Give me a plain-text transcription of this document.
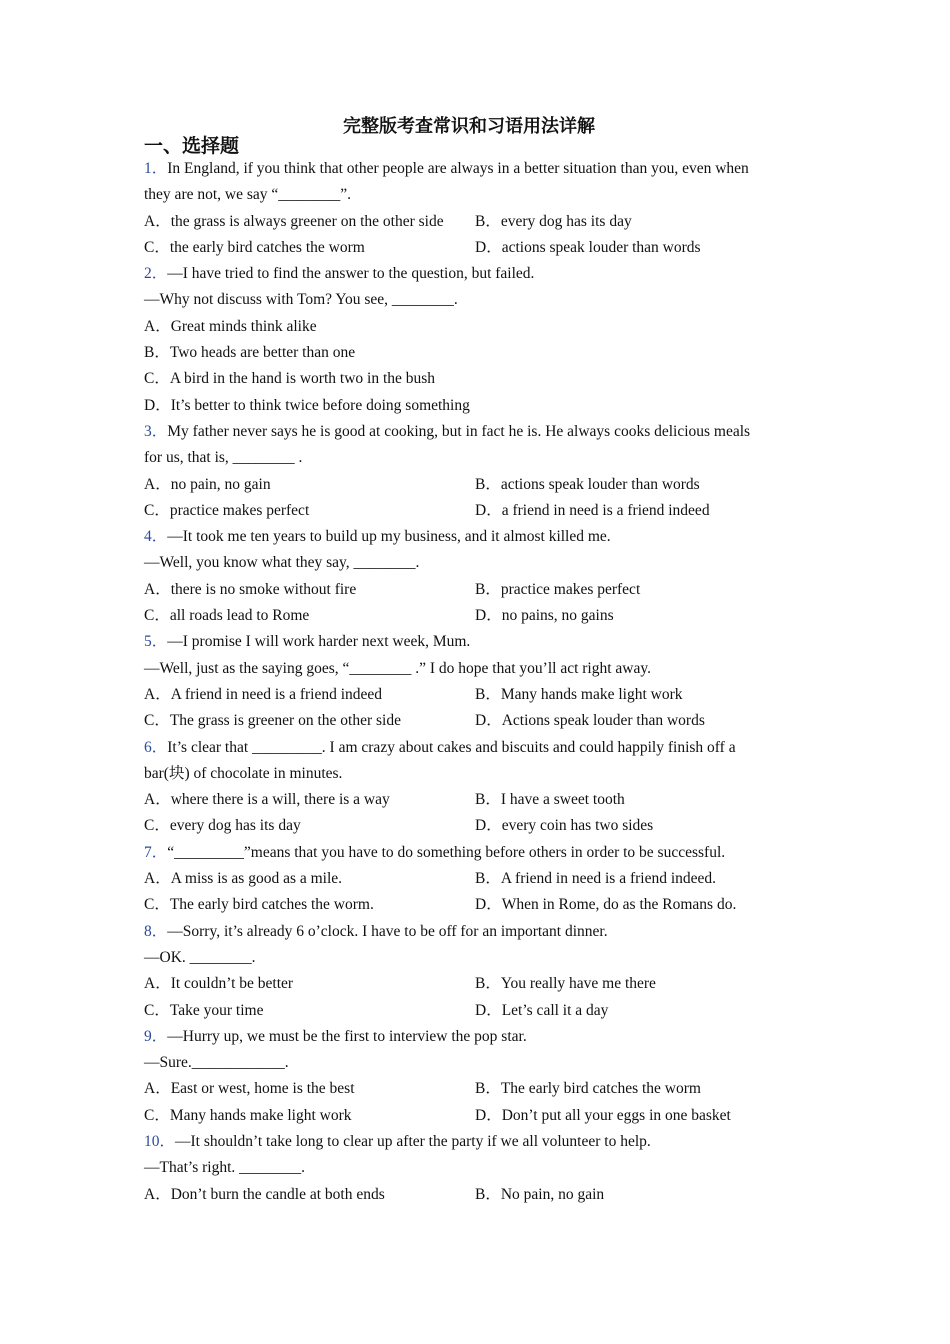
完整版考查常识和习语用法详解
一、选择题
1．In England, if you think that other people are always in a better situation than you, even when
they are not, we say “________”.
A．the grass is always greener on the other side	B．every dog has its day
C．the early bird catches the worm	D．actions speak louder than words
2．—I have tried to find the answer to the question, but failed.
—Why not discuss with Tom? You see, ________.
A．Great minds think alike
B．Two heads are better than one
C．A bird in the hand is worth two in the bush
D．It’s better to think twice before doing something
3．My father never says he is good at cooking, but in fact he is. He always cooks delicious meals
for us, that is, ________ .
A．no pain, no gain	B．actions speak louder than words
C．practice makes perfect	D．a friend in need is a friend indeed
4．—It took me ten years to build up my business, and it almost killed me.
—Well, you know what they say, ________.
A．there is no smoke without fire	B．practice makes perfect
C．all roads lead to Rome	D．no pains, no gains
5．—I promise I will work harder next week, Mum.
—Well, just as the saying goes, “________ .” I do hope that you’ll act right away.
A．A friend in need is a friend indeed	B．Many hands make light work
C．The grass is greener on the other side	D．Actions speak louder than words
6．It’s clear that _________. I am crazy about cakes and biscuits and could happily finish off a
bar(块) of chocolate in minutes.
A．where there is a will, there is a way	B．I have a sweet tooth
C．every dog has its day	D．every coin has two sides
7．“_________”means that you have to do something before others in order to be successful.
A．A miss is as good as a mile.	B．A friend in need is a friend indeed.
C．The early bird catches the worm.	D．When in Rome, do as the Romans do.
8．—Sorry, it’s already 6 o’clock. I have to be off for an important dinner.
—OK. ________.
A．It couldn’t be better	B．You really have me there
C．Take your time	D．Let’s call it a day
9．—Hurry up, we must be the first to interview the pop star.
—Sure.____________.
A．East or west, home is the best	B．The early bird catches the worm
C．Many hands make light work	D．Don’t put all your eggs in one basket
10．—It shouldn’t take long to clear up after the party if we all volunteer to help.
—That’s right. ________.
A．Don’t burn the candle at both ends	B．No pain, no gain
